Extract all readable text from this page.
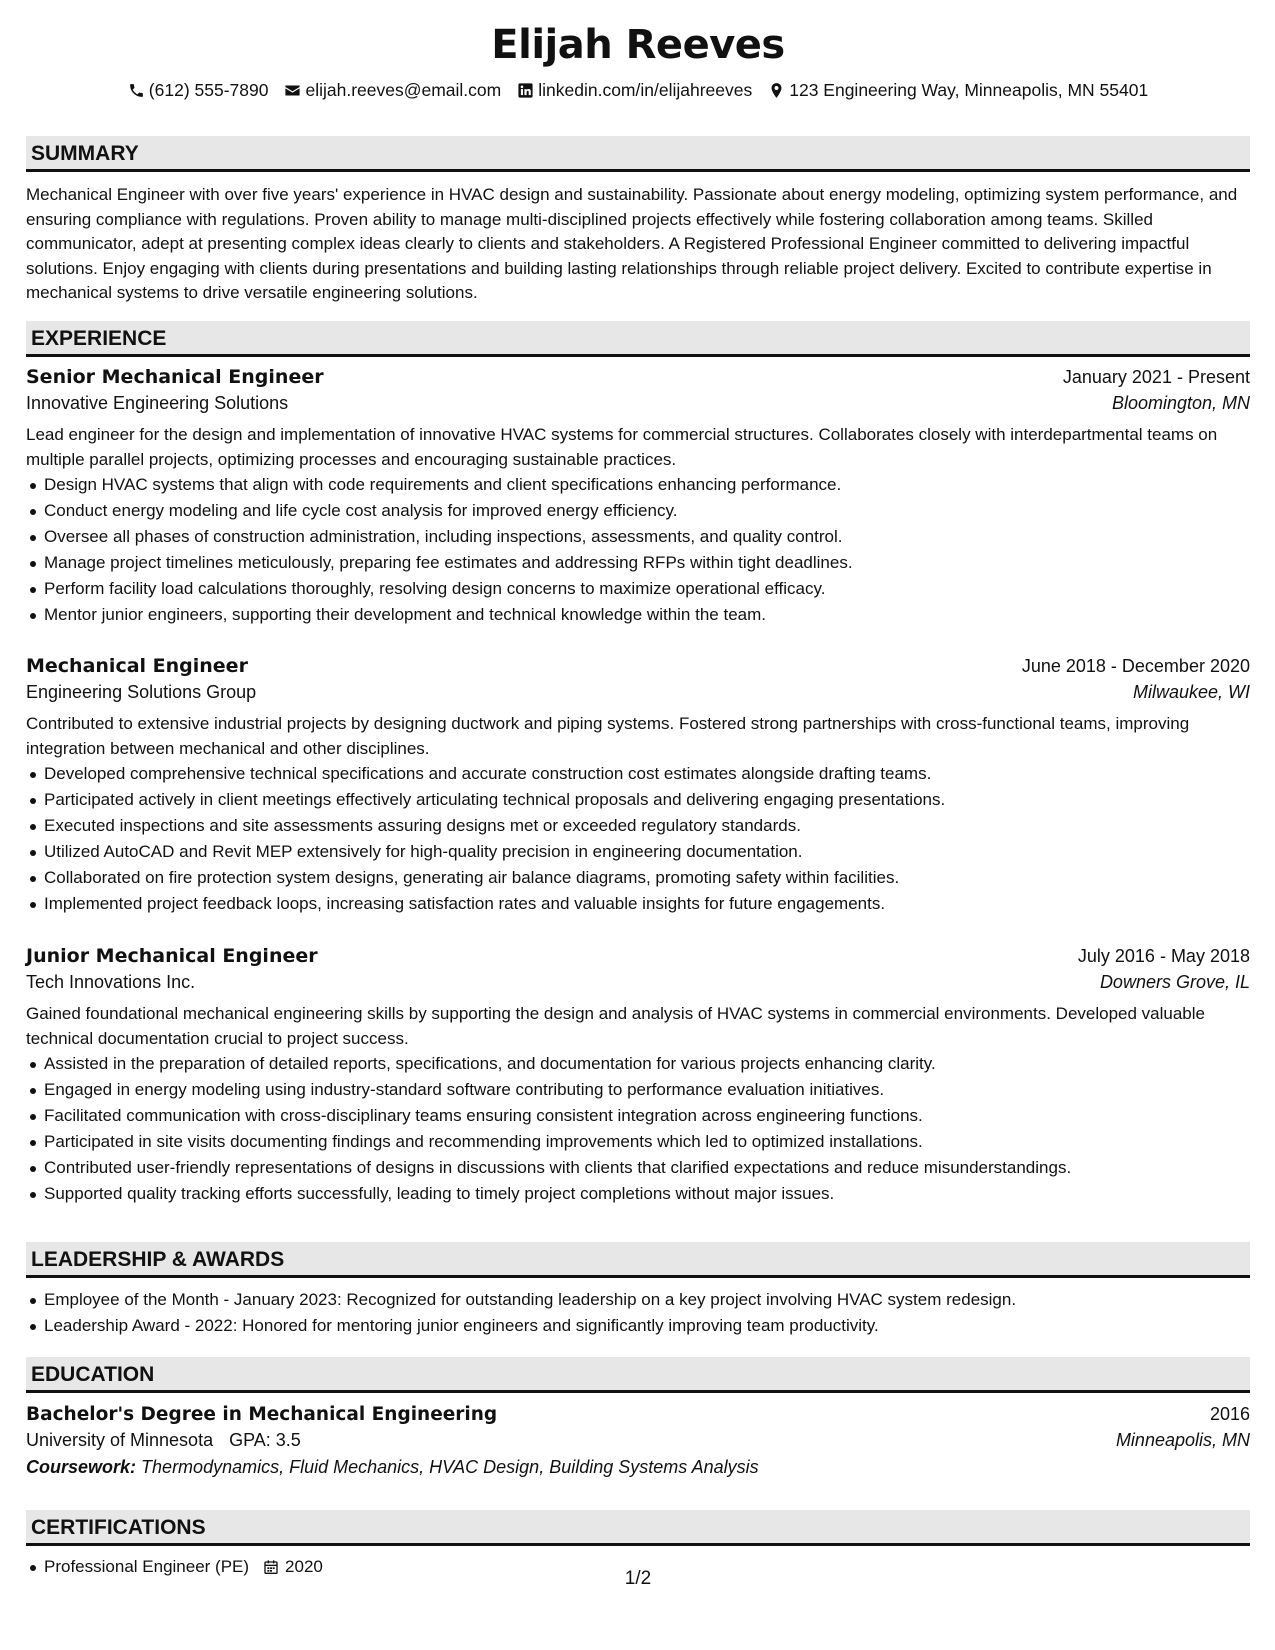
Elijah Reeves
(612) 555-7890 elijah.reeves@email.com linkedin.com/in/elijahreeves 123 Engineering Way, Minneapolis, MN 55401
SUMMARY

Mechanical Engineer with over five years' experience in HVAC design and sustainability. Passionate about energy modeling, optimizing system performance, and ensuring compliance with regulations. Proven ability to manage multi-disciplined projects effectively while fostering collaboration among teams. Skilled communicator, adept at presenting complex ideas clearly to clients and stakeholders. A Registered Professional Engineer committed to delivering impactful solutions. Enjoy engaging with clients during presentations and building lasting relationships through reliable project delivery. Excited to contribute expertise in mechanical systems to drive versatile engineering solutions.

EXPERIENCE
Senior Mechanical Engineer	January 2021 - Present
Innovative Engineering Solutions	Bloomington, MN

Lead engineer for the design and implementation of innovative HVAC systems for commercial structures. Collaborates closely with interdepartmental teams on multiple parallel projects, optimizing processes and encouraging sustainable practices.

Design HVAC systems that align with code requirements and client specifications enhancing performance.
Conduct energy modeling and life cycle cost analysis for improved energy efficiency.
Oversee all phases of construction administration, including inspections, assessments, and quality control.
Manage project timelines meticulously, preparing fee estimates and addressing RFPs within tight deadlines.
Perform facility load calculations thoroughly, resolving design concerns to maximize operational efficacy.
Mentor junior engineers, supporting their development and technical knowledge within the team.
Mechanical Engineer	June 2018 - December 2020
Engineering Solutions Group	Milwaukee, WI

Contributed to extensive industrial projects by designing ductwork and piping systems. Fostered strong partnerships with cross-functional teams, improving integration between mechanical and other disciplines.

Developed comprehensive technical specifications and accurate construction cost estimates alongside drafting teams.
Participated actively in client meetings effectively articulating technical proposals and delivering engaging presentations.
Executed inspections and site assessments assuring designs met or exceeded regulatory standards.
Utilized AutoCAD and Revit MEP extensively for high-quality precision in engineering documentation.
Collaborated on fire protection system designs, generating air balance diagrams, promoting safety within facilities.
Implemented project feedback loops, increasing satisfaction rates and valuable insights for future engagements.
Junior Mechanical Engineer	July 2016 - May 2018
Tech Innovations Inc.	Downers Grove, IL

Gained foundational mechanical engineering skills by supporting the design and analysis of HVAC systems in commercial environments. Developed valuable technical documentation crucial to project success.

Assisted in the preparation of detailed reports, specifications, and documentation for various projects enhancing clarity.
Engaged in energy modeling using industry-standard software contributing to performance evaluation initiatives.
Facilitated communication with cross-disciplinary teams ensuring consistent integration across engineering functions.
Participated in site visits documenting findings and recommending improvements which led to optimized installations.
Contributed user-friendly representations of designs in discussions with clients that clarified expectations and reduce misunderstandings.
Supported quality tracking efforts successfully, leading to timely project completions without major issues.
LEADERSHIP & AWARDS
Employee of the Month - January 2023: Recognized for outstanding leadership on a key project involving HVAC system redesign.
Leadership Award - 2022: Honored for mentoring junior engineers and significantly improving team productivity.
EDUCATION
Bachelor's Degree in Mechanical Engineering	2016
University of Minnesota GPA: 3.5	Minneapolis, MN
Coursework: Thermodynamics, Fluid Mechanics, HVAC Design, Building Systems Analysis
CERTIFICATIONS
Professional Engineer (PE) 2020
1/2
